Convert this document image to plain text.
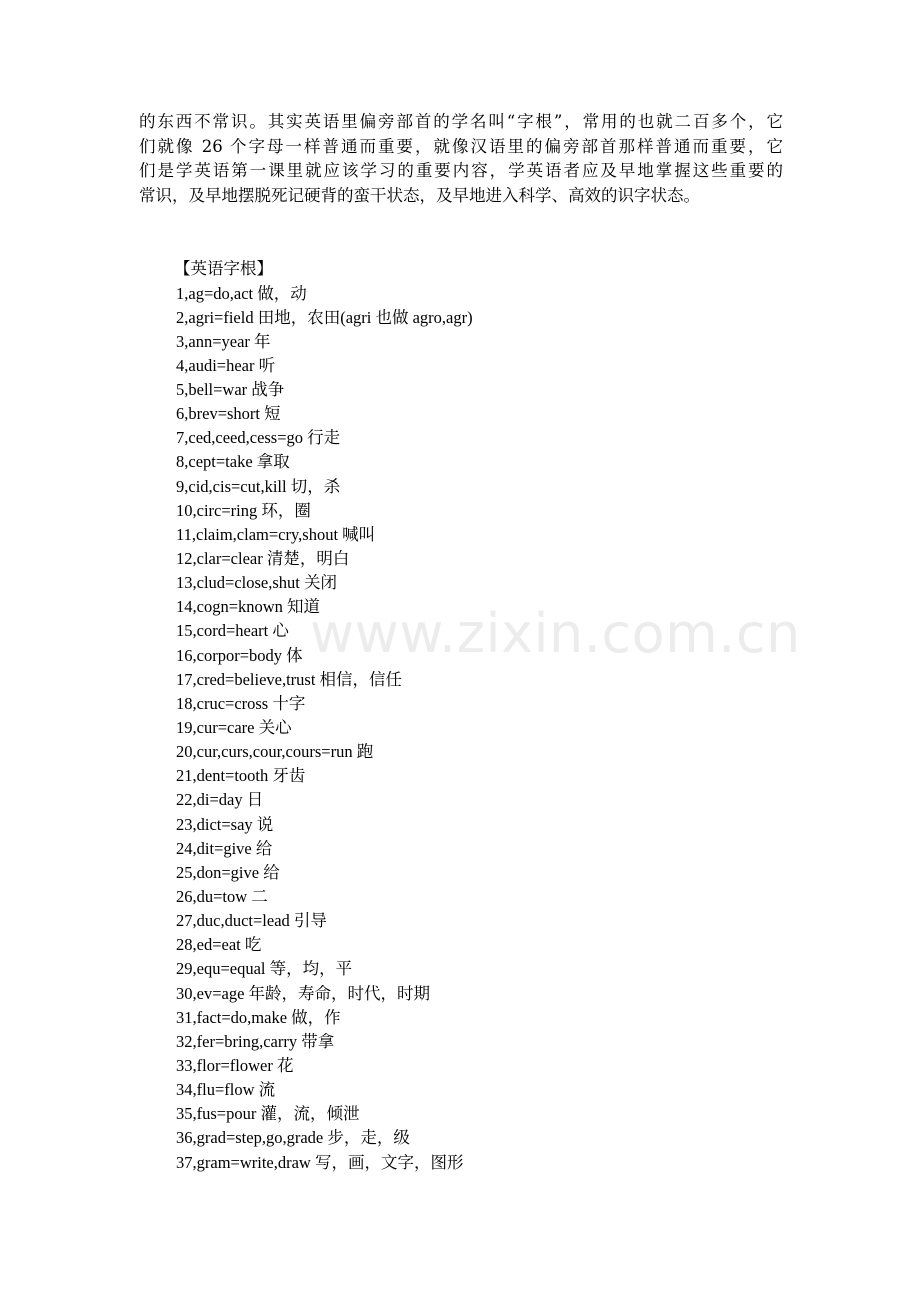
的东西不常识。其实英语里偏旁部首的学名叫“字根”，常用的也就二百多个，它
们就像 26 个字母一样普通而重要，就像汉语里的偏旁部首那样普通而重要，它
们是学英语第一课里就应该学习的重要内容，学英语者应及早地掌握这些重要的
常识，及早地摆脱死记硬背的蛮干状态，及早地进入科学、高效的识字状态。
【英语字根】
1,ag=do,act 做，动
2,agri=field 田地，农田(agri 也做 agro,agr)
3,ann=year 年
4,audi=hear 听
5,bell=war 战争
6,brev=short 短
7,ced,ceed,cess=go 行走
8,cept=take 拿取
9,cid,cis=cut,kill 切，杀
10,circ=ring 环，圈
11,claim,clam=cry,shout 喊叫
12,clar=clear 清楚，明白
13,clud=close,shut 关闭
14,cogn=known 知道
15,cord=heart 心
16,corpor=body 体
17,cred=believe,trust 相信，信任
18,cruc=cross 十字
19,cur=care 关心
20,cur,curs,cour,cours=run 跑
21,dent=tooth 牙齿
22,di=day 日
23,dict=say 说
24,dit=give 给
25,don=give 给
26,du=tow 二
27,duc,duct=lead 引导
28,ed=eat 吃
29,equ=equal 等，均，平
30,ev=age 年龄，寿命，时代，时期
31,fact=do,make 做，作
32,fer=bring,carry 带拿
33,flor=flower 花
34,flu=flow 流
35,fus=pour 灌，流，倾泄
36,grad=step,go,grade 步，走，级
37,gram=write,draw 写，画，文字，图形
www.zixin.com.cn
